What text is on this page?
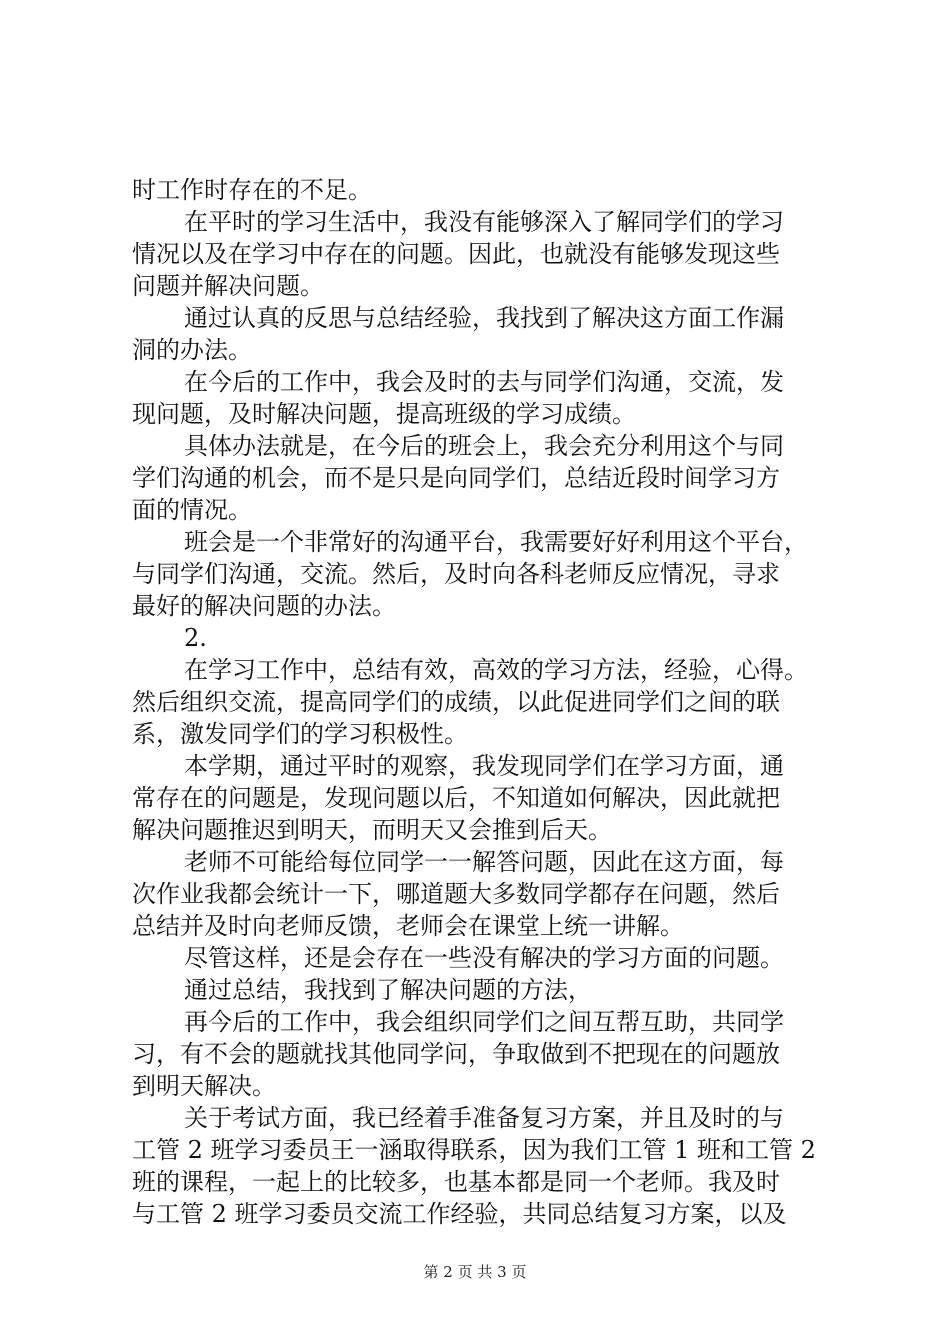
时工作时存在的不足。
在平时的学习生活中，我没有能够深入了解同学们的学习
情况以及在学习中存在的问题。因此，也就没有能够发现这些
问题并解决问题。
通过认真的反思与总结经验，我找到了解决这方面工作漏
洞的办法。
在今后的工作中，我会及时的去与同学们沟通，交流，发
现问题，及时解决问题，提高班级的学习成绩。
具体办法就是，在今后的班会上，我会充分利用这个与同
学们沟通的机会，而不是只是向同学们，总结近段时间学习方
面的情况。
班会是一个非常好的沟通平台，我需要好好利用这个平台，
与同学们沟通，交流。然后，及时向各科老师反应情况，寻求
最好的解决问题的办法。
2.
在学习工作中，总结有效，高效的学习方法，经验，心得。
然后组织交流，提高同学们的成绩，以此促进同学们之间的联
系，激发同学们的学习积极性。
本学期，通过平时的观察，我发现同学们在学习方面，通
常存在的问题是，发现问题以后，不知道如何解决，因此就把
解决问题推迟到明天，而明天又会推到后天。
老师不可能给每位同学一一解答问题，因此在这方面，每
次作业我都会统计一下，哪道题大多数同学都存在问题，然后
总结并及时向老师反馈，老师会在课堂上统一讲解。
尽管这样，还是会存在一些没有解决的学习方面的问题。
通过总结，我找到了解决问题的方法，
再今后的工作中，我会组织同学们之间互帮互助，共同学
习，有不会的题就找其他同学问，争取做到不把现在的问题放
到明天解决。
关于考试方面，我已经着手准备复习方案，并且及时的与
工管 2 班学习委员王一涵取得联系，因为我们工管 1 班和工管 2
班的课程，一起上的比较多，也基本都是同一个老师。我及时
与工管 2 班学习委员交流工作经验，共同总结复习方案，以及
第 2 页 共 3 页
